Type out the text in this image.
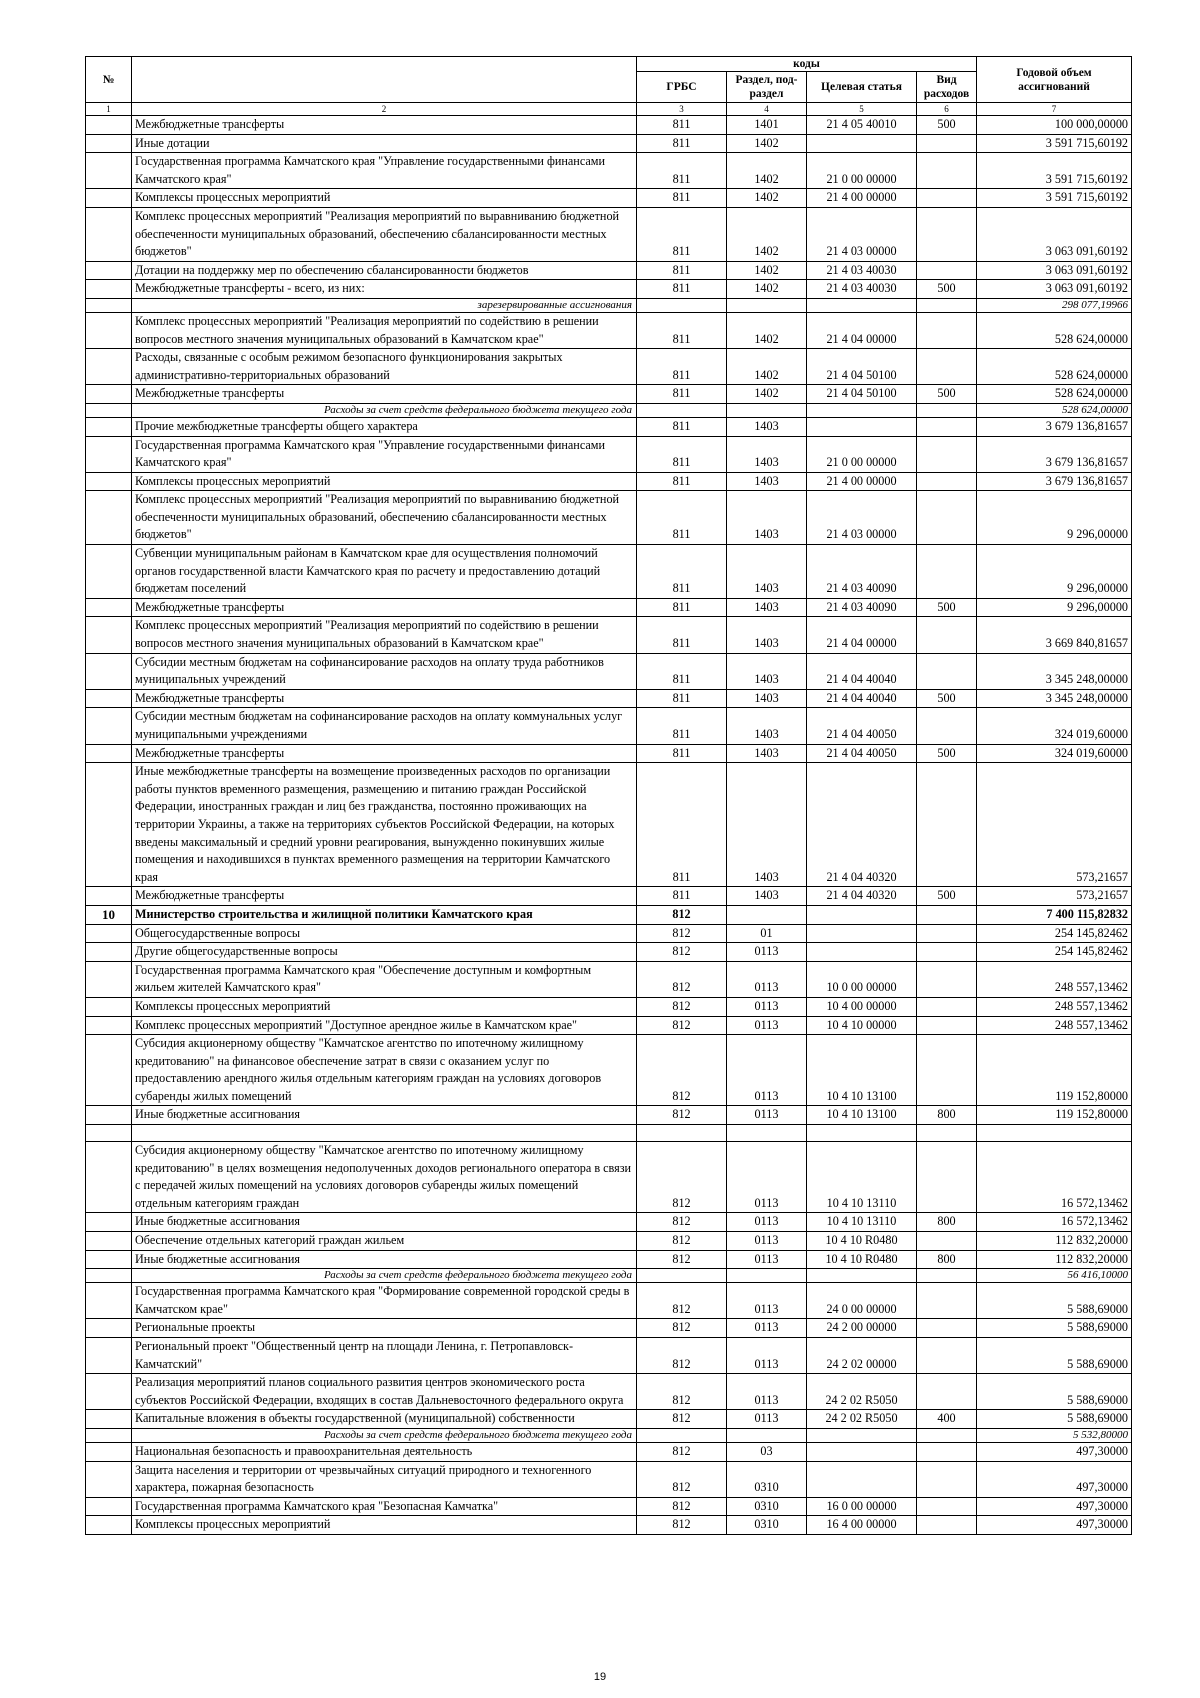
№		коды				Годовой объем ассигнований
		ГРБС	Раздел, под-раздел	Целевая статья	Вид расходов	
1	2	3	4	5	6	7
	Межбюджетные трансферты	811	1401	21 4 05 40010	500	100 000,00000
	Иные дотации	811	1402			3 591 715,60192
	Государственная программа Камчатского края "Управление государственными финансами Камчатского края"	811	1402	21 0 00 00000		3 591 715,60192
	Комплексы процессных мероприятий	811	1402	21 4 00 00000		3 591 715,60192
	Комплекс процессных мероприятий "Реализация мероприятий по выравниванию бюджетной обеспеченности муниципальных образований, обеспечению сбалансированности местных бюджетов"	811	1402	21 4 03 00000		3 063 091,60192
	Дотации на поддержку мер по обеспечению сбалансированности бюджетов	811	1402	21 4 03 40030		3 063 091,60192
	Межбюджетные трансферты - всего, из них:	811	1402	21 4 03 40030	500	3 063 091,60192
	зарезервированные ассигнования					298 077,19966
	Комплекс процессных мероприятий "Реализация мероприятий по содействию в решении вопросов местного значения муниципальных образований в Камчатском крае"	811	1402	21 4 04 00000		528 624,00000
	Расходы, связанные с особым режимом безопасного функционирования закрытых административно-территориальных образований	811	1402	21 4 04 50100		528 624,00000
	Межбюджетные трансферты	811	1402	21 4 04 50100	500	528 624,00000
	Расходы за счет средств федерального бюджета текущего года					528 624,00000
	Прочие межбюджетные трансферты общего характера	811	1403			3 679 136,81657
	Государственная программа Камчатского края "Управление государственными финансами Камчатского края"	811	1403	21 0 00 00000		3 679 136,81657
	Комплексы процессных мероприятий	811	1403	21 4 00 00000		3 679 136,81657
	Комплекс процессных мероприятий "Реализация мероприятий по выравниванию бюджетной обеспеченности муниципальных образований, обеспечению сбалансированности местных бюджетов"	811	1403	21 4 03 00000		9 296,00000
	Субвенции муниципальным районам в Камчатском крае для осуществления полномочий органов государственной власти Камчатского края по расчету и предоставлению дотаций бюджетам поселений	811	1403	21 4 03 40090		9 296,00000
	Межбюджетные трансферты	811	1403	21 4 03 40090	500	9 296,00000
	Комплекс процессных мероприятий "Реализация мероприятий по содействию в решении вопросов местного значения муниципальных образований в Камчатском крае"	811	1403	21 4 04 00000		3 669 840,81657
	Субсидии местным бюджетам на софинансирование расходов на оплату труда работников муниципальных учреждений	811	1403	21 4 04 40040		3 345 248,00000
	Межбюджетные трансферты	811	1403	21 4 04 40040	500	3 345 248,00000
	Субсидии местным бюджетам на софинансирование расходов на оплату коммунальных услуг муниципальными учреждениями	811	1403	21 4 04 40050		324 019,60000
	Межбюджетные трансферты	811	1403	21 4 04 40050	500	324 019,60000
	Иные межбюджетные трансферты на возмещение произведенных расходов по организации работы пунктов временного размещения, размещению и питанию граждан Российской Федерации, иностранных граждан и лиц без гражданства, постоянно проживающих на территории Украины, а также на территориях субъектов Российской Федерации, на которых введены максимальный и средний уровни реагирования, вынужденно покинувших жилые помещения и находившихся в пунктах временного размещения на территории Камчатского края	811	1403	21 4 04 40320		573,21657
	Межбюджетные трансферты	811	1403	21 4 04 40320	500	573,21657
10	Министерство строительства и жилищной политики Камчатского края	812				7 400 115,82832
	Общегосударственные вопросы	812	01			254 145,82462
	Другие общегосударственные вопросы	812	0113			254 145,82462
	Государственная программа Камчатского края "Обеспечение доступным и комфортным жильем жителей Камчатского края"	812	0113	10 0 00 00000		248 557,13462
	Комплексы процессных мероприятий	812	0113	10 4 00 00000		248 557,13462
	Комплекс процессных мероприятий "Доступное арендное жилье в Камчатском крае"	812	0113	10 4 10 00000		248 557,13462
	Субсидия акционерному обществу "Камчатское агентство по ипотечному жилищному кредитованию" на финансовое обеспечение затрат в связи с оказанием услуг по предоставлению арендного жилья отдельным категориям граждан на условиях договоров субаренды жилых помещений	812	0113	10 4 10 13100		119 152,80000
	Иные бюджетные ассигнования	812	0113	10 4 10 13100	800	119 152,80000

	Субсидия акционерному обществу "Камчатское агентство по ипотечному жилищному кредитованию" в целях возмещения недополученных доходов регионального оператора в связи с передачей жилых помещений на условиях договоров субаренды жилых помещений отдельным категориям граждан	812	0113	10 4 10 13110		16 572,13462
	Иные бюджетные ассигнования	812	0113	10 4 10 13110	800	16 572,13462
	Обеспечение отдельных категорий граждан жильем	812	0113	10 4 10 R0480		112 832,20000
	Иные бюджетные ассигнования	812	0113	10 4 10 R0480	800	112 832,20000
	Расходы за счет средств федерального бюджета текущего года					56 416,10000
	Государственная программа Камчатского края "Формирование современной городской среды в Камчатском крае"	812	0113	24 0 00 00000		5 588,69000
	Региональные проекты	812	0113	24 2 00 00000		5 588,69000
	Региональный проект "Общественный центр на площади Ленина, г. Петропавловск-Камчатский"	812	0113	24 2 02 00000		5 588,69000
	Реализация мероприятий планов социального развития центров экономического роста субъектов Российской Федерации, входящих в состав Дальневосточного федерального округа	812	0113	24 2 02 R5050		5 588,69000
	Капитальные вложения в объекты государственной (муниципальной) собственности	812	0113	24 2 02 R5050	400	5 588,69000
	Расходы за счет средств федерального бюджета текущего года					5 532,80000
	Национальная безопасность и правоохранительная деятельность	812	03			497,30000
	Защита населения и территории от чрезвычайных ситуаций природного и техногенного характера, пожарная безопасность	812	0310			497,30000
	Государственная программа Камчатского края "Безопасная Камчатка"	812	0310	16 0 00 00000		497,30000
	Комплексы процессных мероприятий	812	0310	16 4 00 00000		497,30000
19
